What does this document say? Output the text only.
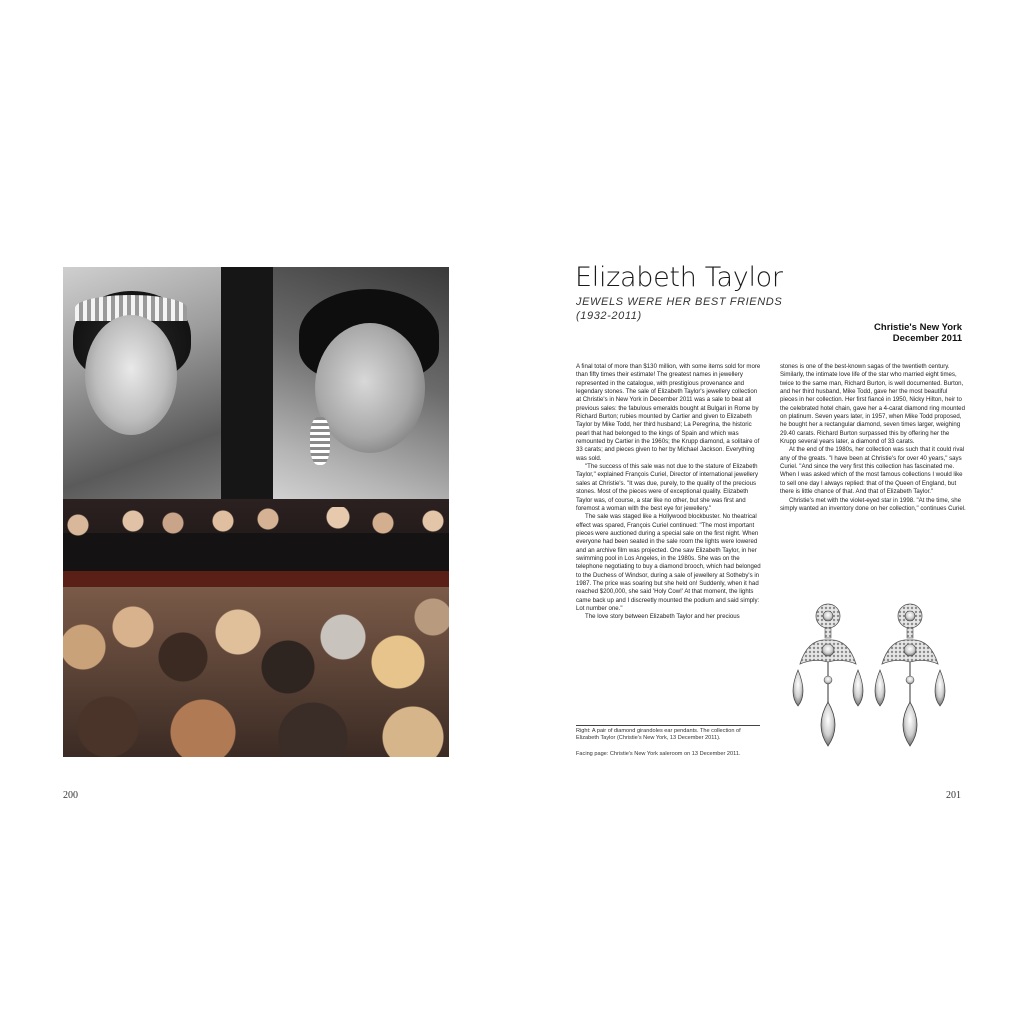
200	201
Elizabeth Taylor
JEWELS WERE HER BEST FRIENDS
(1932-2011)
Christie's New York
December 2011

A final total of more than $130 million, with some items sold for more than fifty times their estimate! The greatest names in jewellery represented in the catalogue, with prestigious provenance and legendary stones. The sale of Elizabeth Taylor's jewellery collection at Christie's in New York in December 2011 was a sale to beat all previous sales: the fabulous emeralds bought at Bulgari in Rome by Richard Burton; rubies mounted by Cartier and given to Elizabeth Taylor by Mike Todd, her third husband; La Peregrina, the historic pearl that had belonged to the kings of Spain and which was remounted by Cartier in the 1960s; the Krupp diamond, a solitaire of 33 carats; and pieces given to her by Michael Jackson. Everything was sold.

"The success of this sale was not due to the stature of Elizabeth Taylor," explained François Curiel, Director of international jewellery sales at Christie's. "It was due, purely, to the quality of the precious stones. Most of the pieces were of exceptional quality. Elizabeth Taylor was, of course, a star like no other, but she was first and foremost a woman with the best eye for jewellery."

The sale was staged like a Hollywood blockbuster. No theatrical effect was spared, François Curiel continued: "The most important pieces were auctioned during a special sale on the first night. When everyone had been seated in the sale room the lights were lowered and an archive film was projected. One saw Elizabeth Taylor, in her swimming pool in Los Angeles, in the 1980s. She was on the telephone negotiating to buy a diamond brooch, which had belonged to the Duchess of Windsor, during a sale of jewellery at Sotheby's in 1987. The price was soaring but she held on! Suddenly, when it had reached $200,000, she said 'Holy Cow!' At that moment, the lights came back up and I discreetly mounted the podium and said simply: Lot number one."

The love story between Elizabeth Taylor and her precious

stones is one of the best-known sagas of the twentieth century. Similarly, the intimate love life of the star who married eight times, twice to the same man, Richard Burton, is well documented. Burton, and her third husband, Mike Todd, gave her the most beautiful pieces in her collection. Her first fiancé in 1950, Nicky Hilton, heir to the celebrated hotel chain, gave her a 4-carat diamond ring mounted on platinum. Seven years later, in 1957, when Mike Todd proposed, he bought her a rectangular diamond, seven times larger, weighing 29.40 carats. Richard Burton surpassed this by offering her the Krupp several years later, a diamond of 33 carats.

At the end of the 1980s, her collection was such that it could rival any of the greats. "I have been at Christie's for over 40 years," says Curiel. "And since the very first this collection has fascinated me. When I was asked which of the most famous collections I would like to sell one day I always replied: that of the Queen of England, but there is little chance of that. And that of Elizabeth Taylor."

Christie's met with the violet-eyed star in 1998. "At the time, she simply wanted an inventory done on her collection," continues Curiel.

Right: A pair of diamond girandoles ear pendants. The collection of Elizabeth Taylor (Christie's New York, 13 December 2011).
Facing page: Christie's New York saleroom on 13 December 2011.
